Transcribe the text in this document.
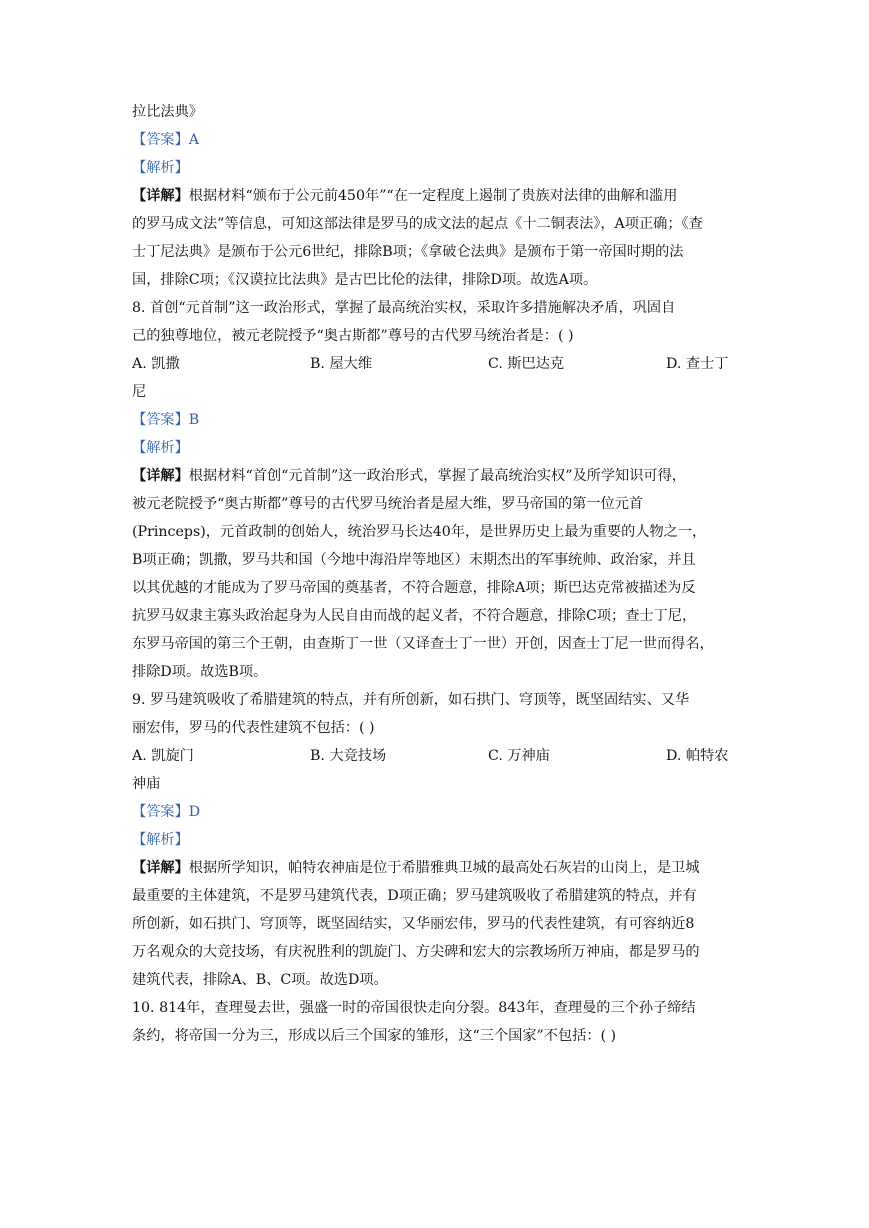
拉比法典》
【答案】A
【解析】
【详解】根据材料“颁布于公元前450年”“在一定程度上遏制了贵族对法律的曲解和滥用
的罗马成文法”等信息，可知这部法律是罗马的成文法的起点《十二铜表法》，A项正确；《查
士丁尼法典》是颁布于公元6世纪，排除B项；《拿破仑法典》是颁布于第一帝国时期的法
国，排除C项；《汉谟拉比法典》是古巴比伦的法律，排除D项。故选A项。
8. 首创“元首制”这一政治形式，掌握了最高统治实权，采取许多措施解决矛盾，巩固自
己的独尊地位，被元老院授予“奥古斯都”尊号的古代罗马统治者是：( )
A. 凯撒	B. 屋大维	C. 斯巴达克	D. 查士丁
尼
【答案】B
【解析】
【详解】根据材料“首创“元首制”这一政治形式，掌握了最高统治实权”及所学知识可得，
被元老院授予“奥古斯都”尊号的古代罗马统治者是屋大维，罗马帝国的第一位元首
(Princeps)，元首政制的创始人，统治罗马长达40年，是世界历史上最为重要的人物之一，
B项正确；凯撒，罗马共和国（今地中海沿岸等地区）末期杰出的军事统帅、政治家，并且
以其优越的才能成为了罗马帝国的奠基者，不符合题意，排除A项；斯巴达克常被描述为反
抗罗马奴隶主寡头政治起身为人民自由而战的起义者，不符合题意，排除C项；查士丁尼，
东罗马帝国的第三个王朝，由查斯丁一世（又译查士丁一世）开创，因查士丁尼一世而得名，
排除D项。故选B项。
9. 罗马建筑吸收了希腊建筑的特点，并有所创新，如石拱门、穹顶等，既坚固结实、又华
丽宏伟，罗马的代表性建筑不包括：( )
A. 凯旋门	B. 大竞技场	C. 万神庙	D. 帕特农
神庙
【答案】D
【解析】
【详解】根据所学知识，帕特农神庙是位于希腊雅典卫城的最高处石灰岩的山岗上，是卫城
最重要的主体建筑，不是罗马建筑代表，D项正确；罗马建筑吸收了希腊建筑的特点，并有
所创新，如石拱门、穹顶等，既坚固结实，又华丽宏伟，罗马的代表性建筑，有可容纳近8
万名观众的大竞技场，有庆祝胜利的凯旋门、方尖碑和宏大的宗教场所万神庙，都是罗马的
建筑代表，排除A、B、C项。故选D项。
10. 814年，查理曼去世，强盛一时的帝国很快走向分裂。843年，查理曼的三个孙子缔结
条约，将帝国一分为三，形成以后三个国家的雏形，这“三个国家”不包括：( )
